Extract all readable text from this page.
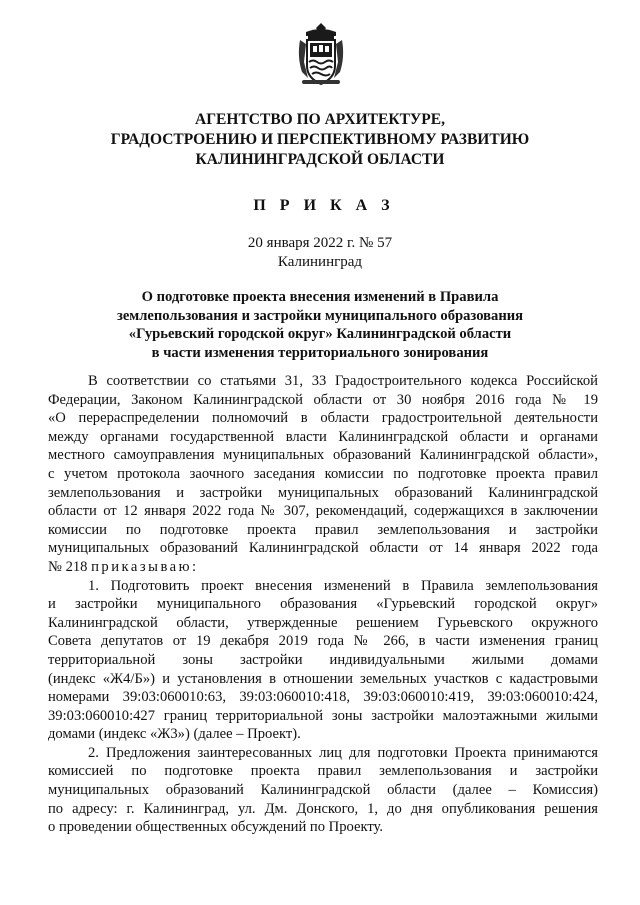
АГЕНТСТВО ПО АРХИТЕКТУРЕ,
ГРАДОСТРОЕНИЮ И ПЕРСПЕКТИВНОМУ РАЗВИТИЮ
КАЛИНИНГРАДСКОЙ ОБЛАСТИ
П Р И К А З
20 января 2022 г. № 57
Калининград
О подготовке проекта внесения изменений в Правила
землепользования и застройки муниципального образования
«Гурьевский городской округ» Калининградской области
в части изменения территориального зонирования
В соответствии со статьями 31, 33 Градостроительного кодекса Российской
Федерации, Законом Калининградской области от 30 ноября 2016 года № 19
«О перераспределении полномочий в области градостроительной деятельности
между органами государственной власти Калининградской области и органами
местного самоуправления муниципальных образований Калининградской области»,
с учетом протокола заочного заседания комиссии по подготовке проекта правил
землепользования и застройки муниципальных образований Калининградской
области от 12 января 2022 года № 307, рекомендаций, содержащихся в заключении
комиссии по подготовке проекта правил землепользования и застройки
муниципальных образований Калининградской области от 14 января 2022 года
№ 218 приказываю:
1. Подготовить проект внесения изменений в Правила землепользования
и застройки муниципального образования «Гурьевский городской округ»
Калининградской области, утвержденные решением Гурьевского окружного
Совета депутатов от 19 декабря 2019 года № 266, в части изменения границ
территориальной зоны застройки индивидуальными жилыми домами
(индекс «Ж4/Б») и установления в отношении земельных участков с кадастровыми
номерами 39:03:060010:63, 39:03:060010:418, 39:03:060010:419, 39:03:060010:424,
39:03:060010:427 границ территориальной зоны застройки малоэтажными жилыми
домами (индекс «Ж3») (далее – Проект).
2. Предложения заинтересованных лиц для подготовки Проекта принимаются
комиссией по подготовке проекта правил землепользования и застройки
муниципальных образований Калининградской области (далее – Комиссия)
по адресу: г. Калининград, ул. Дм. Донского, 1, до дня опубликования решения
о проведении общественных обсуждений по Проекту.
